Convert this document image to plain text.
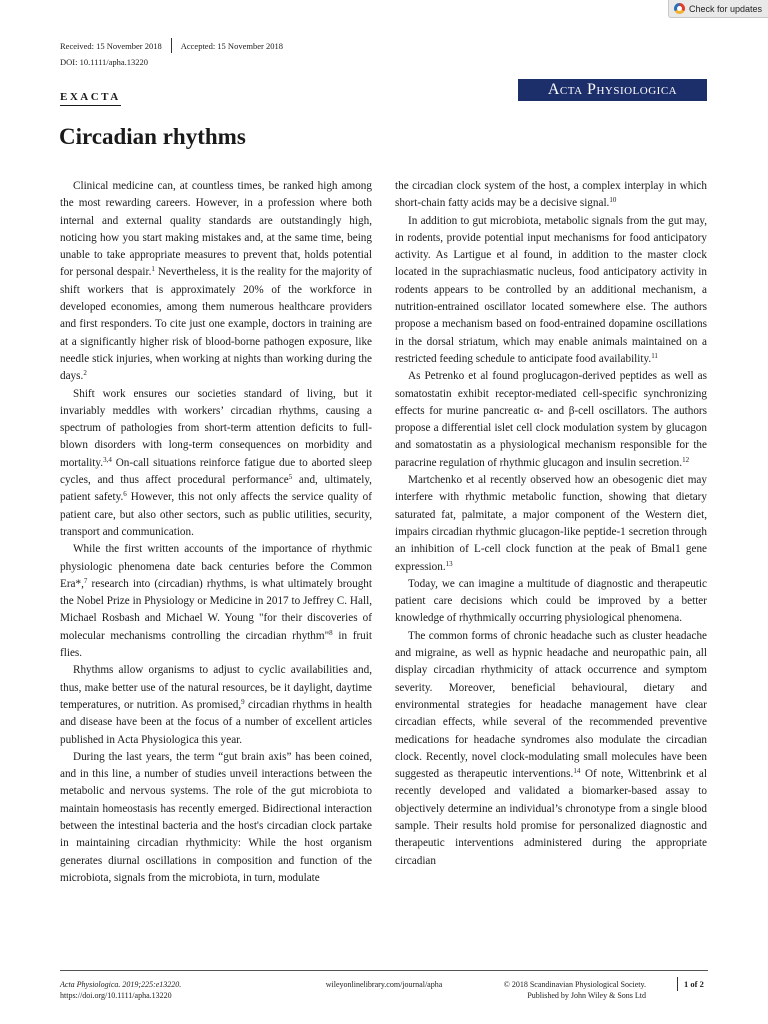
Check for updates
Received: 15 November 2018 Accepted: 15 November 2018
DOI: 10.1111/apha.13220
EXACTA	Acta Physiologica
Circadian rhythms

Clinical medicine can, at countless times, be ranked high among the most rewarding careers. However, in a profession where both internal and external quality standards are outstandingly high, noticing how you start making mistakes and, at the same time, being unable to take appropriate measures to prevent that, holds potential for personal despair.$^1$ Nevertheless, it is the reality for the majority of shift workers that is approximately 20% of the workforce in developed economies, among them numerous healthcare providers and first responders. To cite just one example, doctors in training are at a significantly higher risk of blood-borne pathogen exposure, like needle stick injuries, when working at nights than working during the days.$^2$

Shift work ensures our societies standard of living, but it invariably meddles with workers’ circadian rhythms, causing a spectrum of pathologies from short-term attention deficits to full-blown disorders with long-term consequences on morbidity and mortality.$^{3,4}$ On-call situations reinforce fatigue due to aborted sleep cycles, and thus affect procedural performance$^5$ and, ultimately, patient safety.$^6$ However, this not only affects the service quality of patient care, but also other sectors, such as public utilities, security, transport and communication.

While the first written accounts of the importance of rhythmic physiologic phenomena date back centuries before the Common Era*,$^7$ research into (circadian) rhythms, is what ultimately brought the Nobel Prize in Physiology or Medicine in 2017 to Jeffrey C. Hall, Michael Rosbash and Michael W. Young "for their discoveries of molecular mechanisms controlling the circadian rhythm"$^8$ in fruit flies.

Rhythms allow organisms to adjust to cyclic availabilities and, thus, make better use of the natural resources, be it daylight, daytime temperatures, or nutrition. As promised,$^9$ circadian rhythms in health and disease have been at the focus of a number of excellent articles published in Acta Physiologica this year.

During the last years, the term “gut brain axis” has been coined, and in this line, a number of studies unveil interactions between the metabolic and nervous systems. The role of the gut microbiota to maintain homeostasis has recently emerged. Bidirectional interaction between the intestinal bacteria and the host's circadian clock partake in maintaining circadian rhythmicity: While the host organism generates diurnal oscillations in composition and function of the microbiota, signals from the microbiota, in turn, modulate

the circadian clock system of the host, a complex interplay in which short-chain fatty acids may be a decisive signal.$^{10}$

In addition to gut microbiota, metabolic signals from the gut may, in rodents, provide potential input mechanisms for food anticipatory activity. As Lartigue et al found, in addition to the master clock located in the suprachiasmatic nucleus, food anticipatory activity in rodents appears to be controlled by an additional mechanism, a nutrition-entrained oscillator located somewhere else. The authors propose a mechanism based on food-entrained dopamine oscillations in the dorsal striatum, which may enable animals maintained on a restricted feeding schedule to anticipate food availability.$^{11}$

As Petrenko et al found proglucagon-derived peptides as well as somatostatin exhibit receptor-mediated cell-specific synchronizing effects for murine pancreatic α- and β-cell oscillators. The authors propose a differential islet cell clock modulation system by glucagon and somatostatin as a physiological mechanism responsible for the paracrine regulation of rhythmic glucagon and insulin secretion.$^{12}$

Martchenko et al recently observed how an obesogenic diet may interfere with rhythmic metabolic function, showing that dietary saturated fat, palmitate, a major component of the Western diet, impairs circadian rhythmic glucagon-like peptide-1 secretion through an inhibition of L-cell clock function at the peak of Bmal1 gene expression.$^{13}$

Today, we can imagine a multitude of diagnostic and therapeutic patient care decisions which could be improved by a better knowledge of rhythmically occurring physiological phenomena.

The common forms of chronic headache such as cluster headache and migraine, as well as hypnic headache and neuropathic pain, all display circadian rhythmicity of attack occurrence and symptom severity. Moreover, beneficial behavioural, dietary and environmental strategies for headache management have clear circadian effects, while several of the recommended preventive medications for headache syndromes also modulate the circadian clock. Recently, novel clock-modulating small molecules have been suggested as therapeutic interventions.$^{14}$ Of note, Wittenbrink et al recently developed and validated a biomarker-based assay to objectively determine an individual’s chronotype from a single blood sample. Their results hold promise for personalized diagnostic and therapeutic interventions administered during the appropriate circadian

Acta Physiologica. 2019;225:e13220.
https://doi.org/10.1111/apha.13220
wileyonlinelibrary.com/journal/apha	© 2018 Scandinavian Physiological Society.
Published by John Wiley & Sons Ltd
1 of 2
